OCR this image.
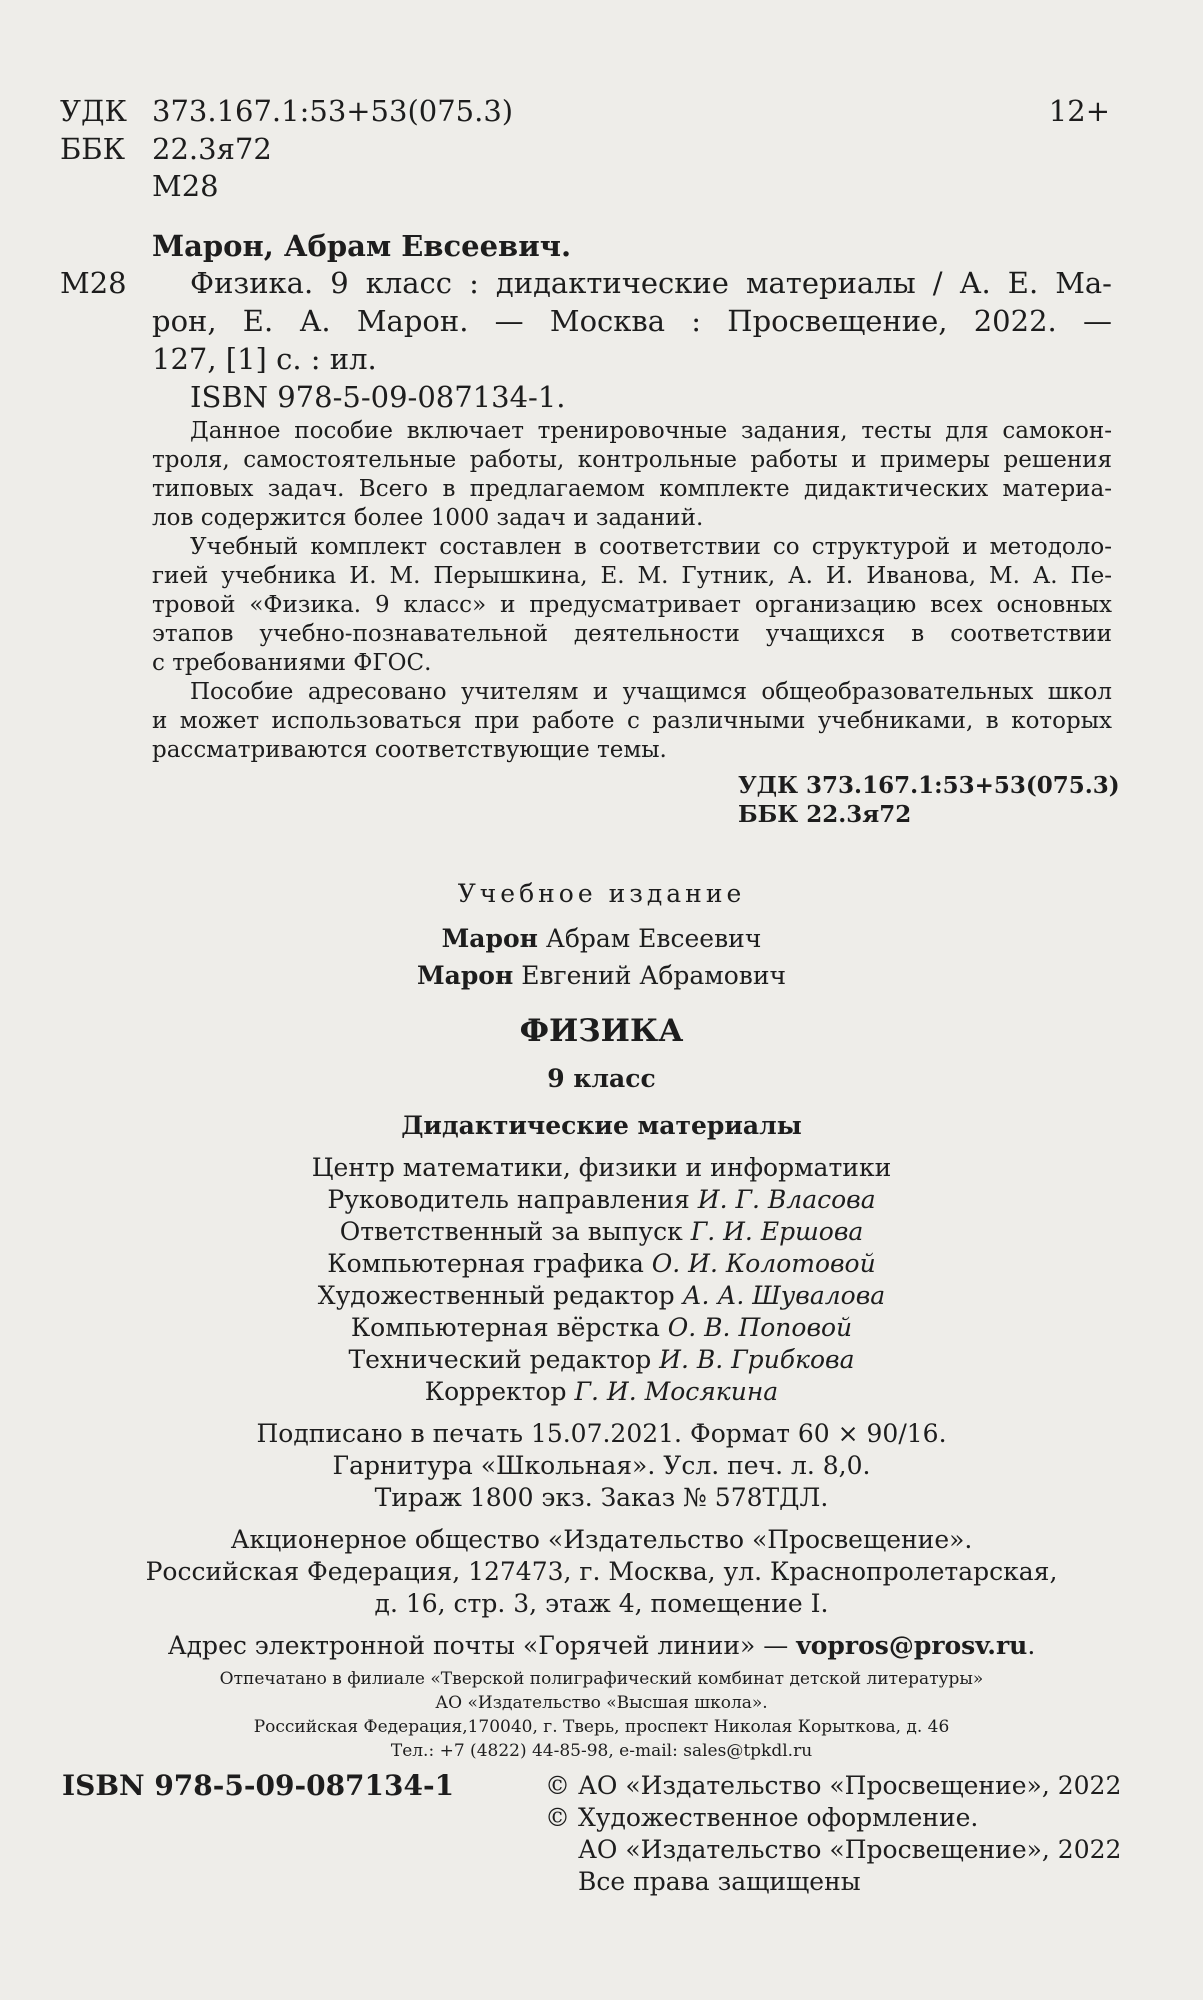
УДК 373.167.1:53+53(075.3)
ББК 22.3я72
М28
12+
Марон, Абрам Евсеевич.
М28 Физика. 9 класс : дидактические материалы / А. Е. Ма-
рон, Е. А. Марон. — Москва : Просвещение, 2022. —
127, [1] с. : ил.
ISBN 978-5-09-087134-1.
Данное пособие включает тренировочные задания, тесты для самокон-
троля, самостоятельные работы, контрольные работы и примеры решения
типовых задач. Всего в предлагаемом комплекте дидактических материа-
лов содержится более 1000 задач и заданий.
Учебный комплект составлен в соответствии со структурой и методоло-
гией учебника И. М. Перышкина, Е. М. Гутник, А. И. Иванова, М. А. Пе-
тровой «Физика. 9 класс» и предусматривает организацию всех основных
этапов учебно-познавательной деятельности учащихся в соответствии
с требованиями ФГОС.
Пособие адресовано учителям и учащимся общеобразовательных школ
и может использоваться при работе с различными учебниками, в которых
рассматриваются соответствующие темы.
УДК 373.167.1:53+53(075.3)
ББК 22.3я72
Учебное издание
Марон Абрам Евсеевич
Марон Евгений Абрамович
ФИЗИКА
9 класс
Дидактические материалы
Центр математики, физики и информатики
Руководитель направления И. Г. Власова
Ответственный за выпуск Г. И. Ершова
Компьютерная графика О. И. Колотовой
Художественный редактор А. А. Шувалова
Компьютерная вёрстка О. В. Поповой
Технический редактор И. В. Грибкова
Корректор Г. И. Мосякина
Подписано в печать 15.07.2021. Формат 60 × 90/16.
Гарнитура «Школьная». Усл. печ. л. 8,0.
Тираж 1800 экз. Заказ № 578ТДЛ.
Акционерное общество «Издательство «Просвещение».
Российская Федерация, 127473, г. Москва, ул. Краснопролетарская,
д. 16, стр. 3, этаж 4, помещение I.
Адрес электронной почты «Горячей линии» — vopros@prosv.ru.
Отпечатано в филиале «Тверской полиграфический комбинат детской литературы»
АО «Издательство «Высшая школа».
Российская Федерация,170040, г. Тверь, проспект Николая Корыткова, д. 46
Тел.: +7 (4822) 44-85-98, e-mail: sales@tpkdl.ru
ISBN 978-5-09-087134-1	© АО «Издательство «Просвещение», 2022
© Художественное оформление.
АО «Издательство «Просвещение», 2022
Все права защищены
